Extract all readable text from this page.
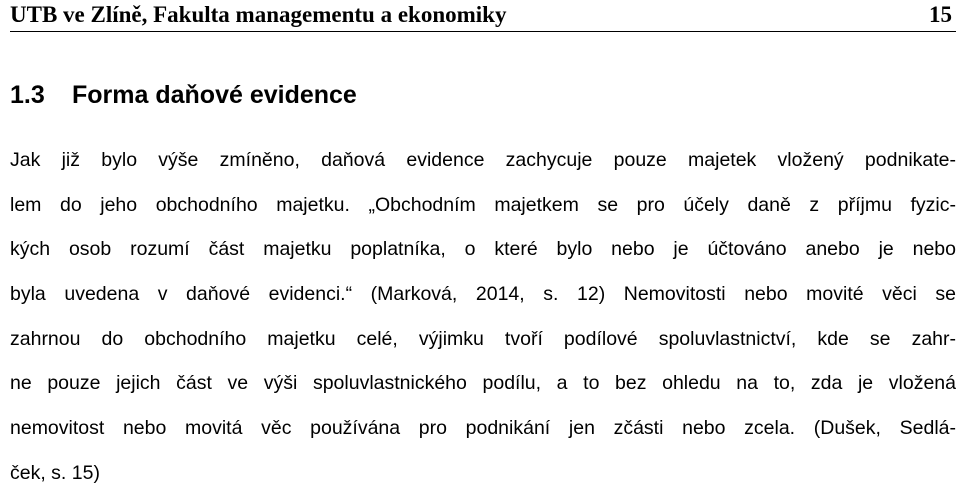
UTB ve Zlíně, Fakulta managementu a ekonomiky	15
1.3 Forma daňové evidence
Jak již bylo výše zmíněno, daňová evidence zachycuje pouze majetek vložený podnikate-
lem do jeho obchodního majetku. „Obchodním majetkem se pro účely daně z příjmu fyzic-
kých osob rozumí část majetku poplatníka, o které bylo nebo je účtováno anebo je nebo
byla uvedena v daňové evidenci.“ (Marková, 2014, s. 12) Nemovitosti nebo movité věci se
zahrnou do obchodního majetku celé, výjimku tvoří podílové spoluvlastnictví, kde se zahr-
ne pouze jejich část ve výši spoluvlastnického podílu, a to bez ohledu na to, zda je vložená
nemovitost nebo movitá věc používána pro podnikání jen zčásti nebo zcela. (Dušek, Sedlá-
ček, s. 15)
